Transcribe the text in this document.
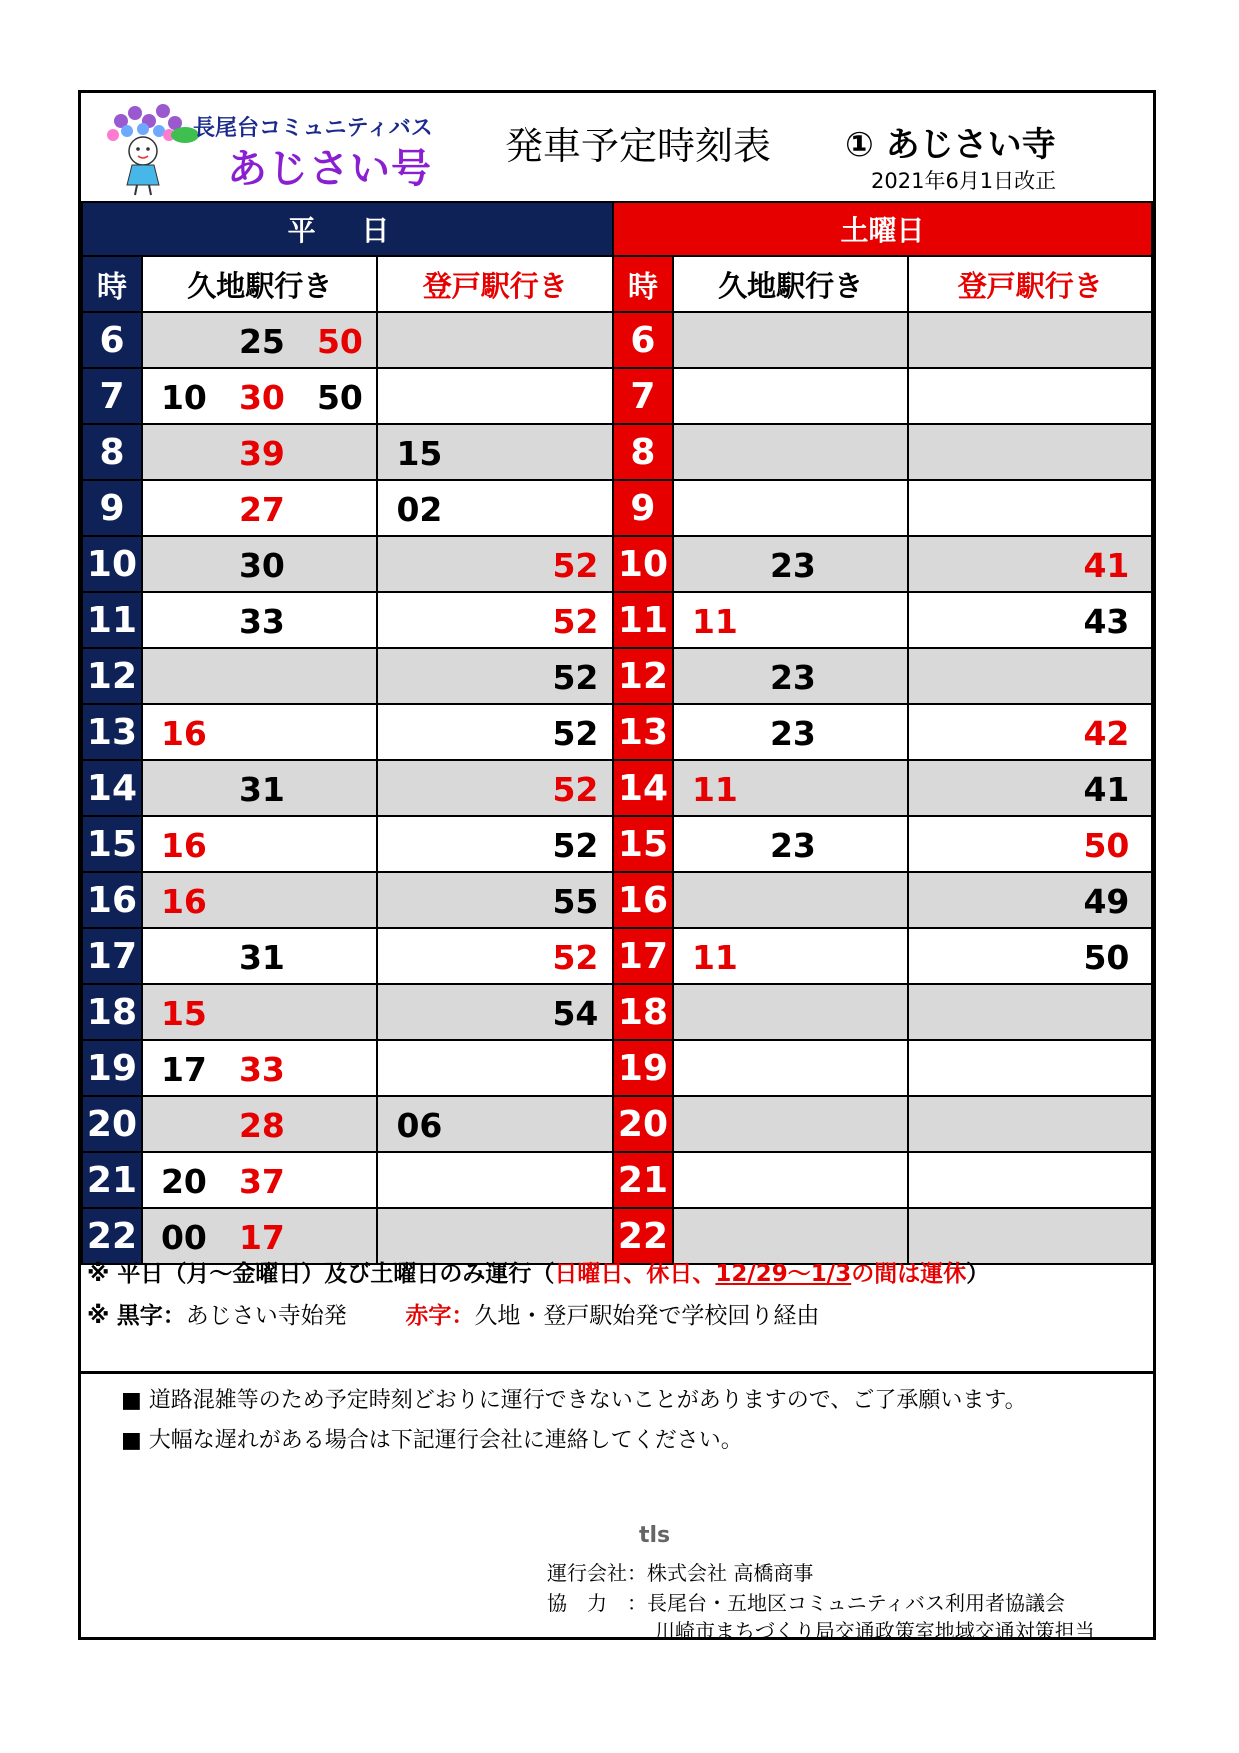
長尾台コミュニティバス
あじさい号 発車予定時刻表 ① あじさい寺
2021年6月1日改正
平 日			土曜日		
時	久地駅行き	登戸駅行き	時	久地駅行き	登戸駅行き
6	25 50		6		
7	10 30 50		7		
8	39	15	8		
9	27	02	9		
10	30	52	10	23	41

11	33	52	11	11	43

12		52	12	23	

13	16	52	13	23	42

14	31	52	14	11	41

15	16	52	15	23	50

16	16	55	16		49

17	31	52	17	11	50

18	15	54	18		
19	17 33		19		
20	28	06	20		
21	20 37		21		
22	00 17		22		
※ 平日（月～金曜日）及び土曜日のみ運行（日曜日、休日、12/29～1/3の間は運休）
※ 黒字：あじさい寺始発	赤字：久地・登戸駅始発で学校回り経由
■ 道路混雑等のため予定時刻どおりに運行できないことがありますので、ご了承願います。
■ 大幅な遅れがある場合は下記運行会社に連絡してください。
tls
運行会社：株式会社 高橋商事
協　力　：長尾台・五地区コミュニティバス利用者協議会
川崎市まちづくり局交通政策室地域交通対策担当
